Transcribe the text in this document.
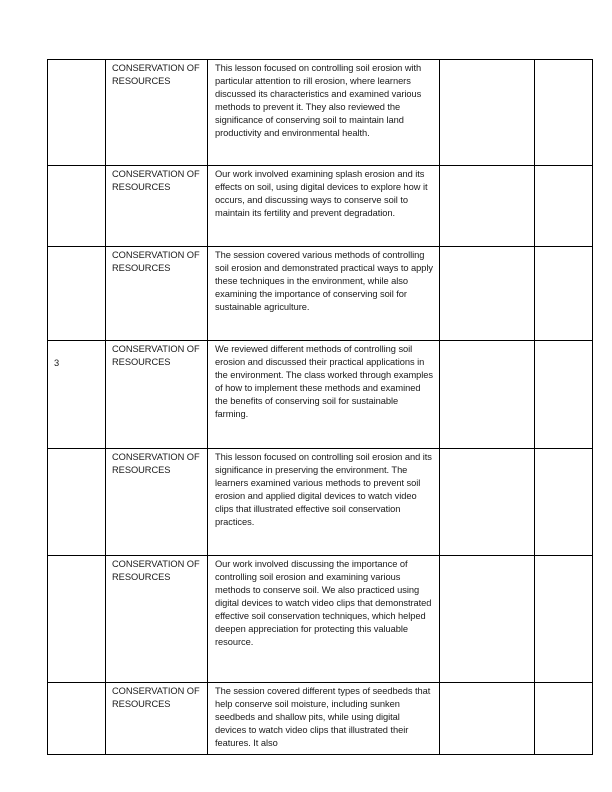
	CONSERVATION OF RESOURCES	This lesson focused on controlling soil erosion with particular attention to rill erosion, where learners discussed its characteristics and examined various methods to prevent it. They also reviewed the significance of conserving soil to maintain land productivity and environmental health.		
	CONSERVATION OF RESOURCES	Our work involved examining splash erosion and its effects on soil, using digital devices to explore how it occurs, and discussing ways to conserve soil to maintain its fertility and prevent degradation.		
	CONSERVATION OF RESOURCES	The session covered various methods of controlling soil erosion and demonstrated practical ways to apply these techniques in the environment, while also examining the importance of conserving soil for sustainable agriculture.		
3	CONSERVATION OF RESOURCES	We reviewed different methods of controlling soil erosion and discussed their practical applications in the environment. The class worked through examples of how to implement these methods and examined the benefits of conserving soil for sustainable farming.		
	CONSERVATION OF RESOURCES	This lesson focused on controlling soil erosion and its significance in preserving the environment. The learners examined various methods to prevent soil erosion and applied digital devices to watch video clips that illustrated effective soil conservation practices.		
	CONSERVATION OF RESOURCES	Our work involved discussing the importance of controlling soil erosion and examining various methods to conserve soil. We also practiced using digital devices to watch video clips that demonstrated effective soil conservation techniques, which helped deepen appreciation for protecting this valuable resource.		
	CONSERVATION OF RESOURCES	The session covered different types of seedbeds that help conserve soil moisture, including sunken seedbeds and shallow pits, while using digital devices to watch video clips that illustrated their features. It also		
